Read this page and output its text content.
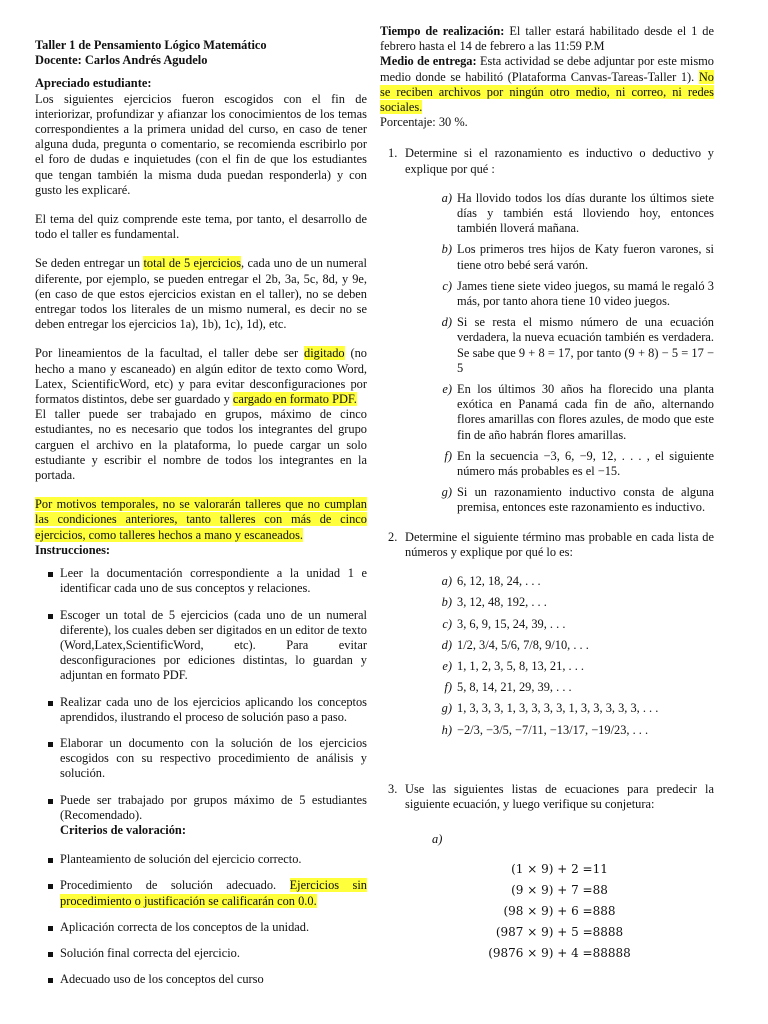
Taller 1 de Pensamiento Lógico Matemático

Docente: Carlos Andrés Agudelo

Apreciado estudiante:

Los siguientes ejercicios fueron escogidos con el fin de interiorizar, profundizar y afianzar los conocimientos de los temas correspondientes a la primera unidad del curso, en caso de tener alguna duda, pregunta o comentario, se recomienda escribirlo por el foro de dudas e inquietudes (con el fin de que los estudiantes que tengan también la misma duda puedan responderla) y con gusto les explicaré.

El tema del quiz comprende este tema, por tanto, el desarrollo de todo el taller es fundamental.

Se deden entregar un total de 5 ejercicios, cada uno de un numeral diferente, por ejemplo, se pueden entregar el 2b, 3a, 5c, 8d, y 9e, (en caso de que estos ejercicios existan en el taller), no se deben entregar todos los literales de un mismo numeral, es decir no se deben entregar los ejercicios 1a), 1b), 1c), 1d), etc.

Por lineamientos de la facultad, el taller debe ser digitado (no hecho a mano y escaneado) en algún editor de texto como Word, Latex, ScientificWord, etc) y para evitar desconfiguraciones por formatos distintos, debe ser guardado y cargado en formato PDF.

El taller puede ser trabajado en grupos, máximo de cinco estudiantes, no es necesario que todos los integrantes del grupo carguen el archivo en la plataforma, lo puede cargar un solo estudiante y escribir el nombre de todos los integrantes en la portada.

Por motivos temporales, no se valorarán talleres que no cumplan las condiciones anteriores, tanto talleres con más de cinco ejercicios, como talleres hechos a mano y escaneados.

Instrucciones:

Leer la documentación correspondiente a la unidad 1 e identificar cada uno de sus conceptos y relaciones.
Escoger un total de 5 ejercicios (cada uno de un numeral diferente), los cuales deben ser digitados en un editor de texto (Word,Latex,ScientificWord, etc). Para evitar desconfiguraciones por ediciones distintas, lo guardan y adjuntan en formato PDF.
Realizar cada uno de los ejercicios aplicando los conceptos aprendidos, ilustrando el proceso de solución paso a paso.
Elaborar un documento con la solución de los ejercicios escogidos con su respectivo procedimiento de análisis y solución.
Puede ser trabajado por grupos máximo de 5 estudiantes (Recomendado).
Criterios de valoración:
Planteamiento de solución del ejercicio correcto.
Procedimiento de solución adecuado. Ejercicios sin procedimiento o justificación se calificarán con 0.0.
Aplicación correcta de los conceptos de la unidad.
Solución final correcta del ejercicio.
Adecuado uso de los conceptos del curso

Tiempo de realización: El taller estará habilitado desde el 1 de febrero hasta el 14 de febrero a las 11:59 P.M

Medio de entrega: Esta actividad se debe adjuntar por este mismo medio donde se habilitó (Plataforma Canvas-Tareas-Taller 1). No se reciben archivos por ningún otro medio, ni correo, ni redes sociales.

Porcentaje: 30 %.

1. Determine si el razonamiento es inductivo o deductivo y explique por qué :

a) Ha llovido todos los días durante los últimos siete días y también está lloviendo hoy, entonces también lloverá mañana.
b) Los primeros tres hijos de Katy fueron varones, si tiene otro bebé será varón.
c) James tiene siete video juegos, su mamá le regaló 3 más, por tanto ahora tiene 10 video juegos.
d) Si se resta el mismo número de una ecuación verdadera, la nueva ecuación también es verdadera. Se sabe que 9 + 8 = 17, por tanto (9 + 8) − 5 = 17 − 5
e) En los últimos 30 años ha florecido una planta exótica en Panamá cada fin de año, alternando flores amarillas con flores azules, de modo que este fin de año habrán flores amarillas.
f) En la secuencia −3, 6, −9, 12, . . . , el siguiente número más probables es el −15.
g) Si un razonamiento inductivo consta de alguna premisa, entonces este razonamiento es inductivo.
2. Determine el siguiente término mas probable en cada lista de números y explique por qué lo es:

a) 6, 12, 18, 24, . . .
b) 3, 12, 48, 192, . . .
c) 3, 6, 9, 15, 24, 39, . . .
d) 1/2, 3/4, 5/6, 7/8, 9/10, . . .
e) 1, 1, 2, 3, 5, 8, 13, 21, . . .
f) 5, 8, 14, 21, 29, 39, . . .
g) 1, 3, 3, 3, 1, 3, 3, 3, 3, 1, 3, 3, 3, 3, 3, . . .
h) −2/3, −3/5, −7/11, −13/17, −19/23, . . .
3. Use las siguientes listas de ecuaciones para predecir la siguiente ecuación, y luego verifique su conjetura:

a)
(1 × 9) + 2 =11
(9 × 9) + 7 =88
(98 × 9) + 6 =888
(987 × 9) + 5 =8888
(9876 × 9) + 4 =88888
